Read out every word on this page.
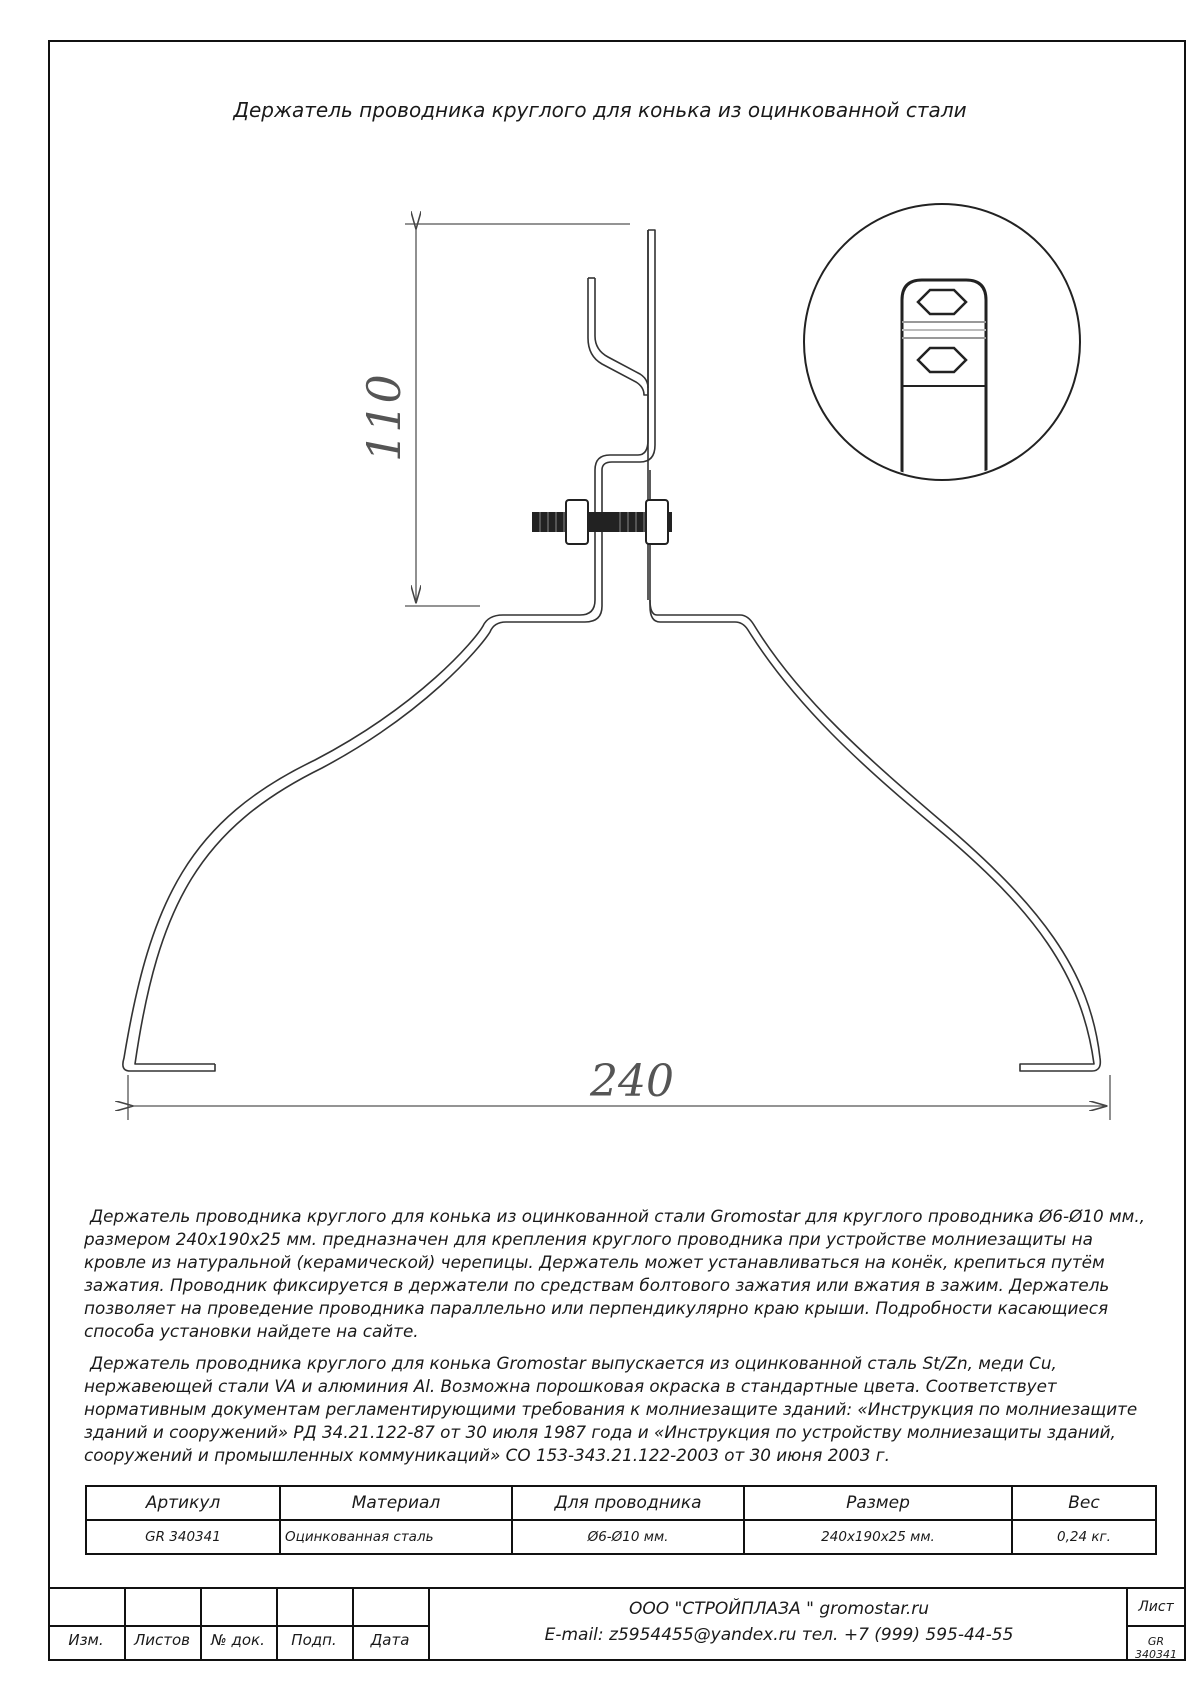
Держатель проводника круглого для конька из оцинкованной стали
110
240

Держатель проводника круглого для конька из оцинкованной стали Gromostar для круглого проводника Ø6-Ø10 мм., размером 240x190x25 мм. предназначен для крепления круглого проводника при устройстве молниезащиты на кровле из натуральной (керамической) черепицы. Держатель может устанавливаться на конёк, крепиться путём зажатия. Проводник фиксируется в держатели по средствам болтового зажатия или вжатия в зажим. Держатель позволяет на проведение проводника параллельно или перпендикулярно краю крыши. Подробности касающиеся способа установки найдете на сайте.

Держатель проводника круглого для конька Gromostar выпускается из оцинкованной сталь St/Zn, меди Cu, нержавеющей стали VA и алюминия Al. Возможна порошковая окраска в стандартные цвета. Соответствует нормативным документам регламентирующими требования к молниезащите зданий: «Инструкция по молниезащите зданий и сооружений» РД 34.21.122-87 от 30 июля 1987 года и «Инструкция по устройству молниезащиты зданий, сооружений и промышленных коммуникаций» СО 153-343.21.122-2003 от 30 июня 2003 г.

Артикул	Материал	Для проводника	Размер	Вес
GR 340341	Оцинкованная сталь	Ø6-Ø10 мм.	240x190x25 мм.	0,24 кг.
Изм.	Листов	№ док.	Подп.	Дата
ООО "СТРОЙПЛАЗА " gromostar.ru
E-mail: z5954455@yandex.ru тел. +7 (999) 595-44-55
Лист
GR 340341
